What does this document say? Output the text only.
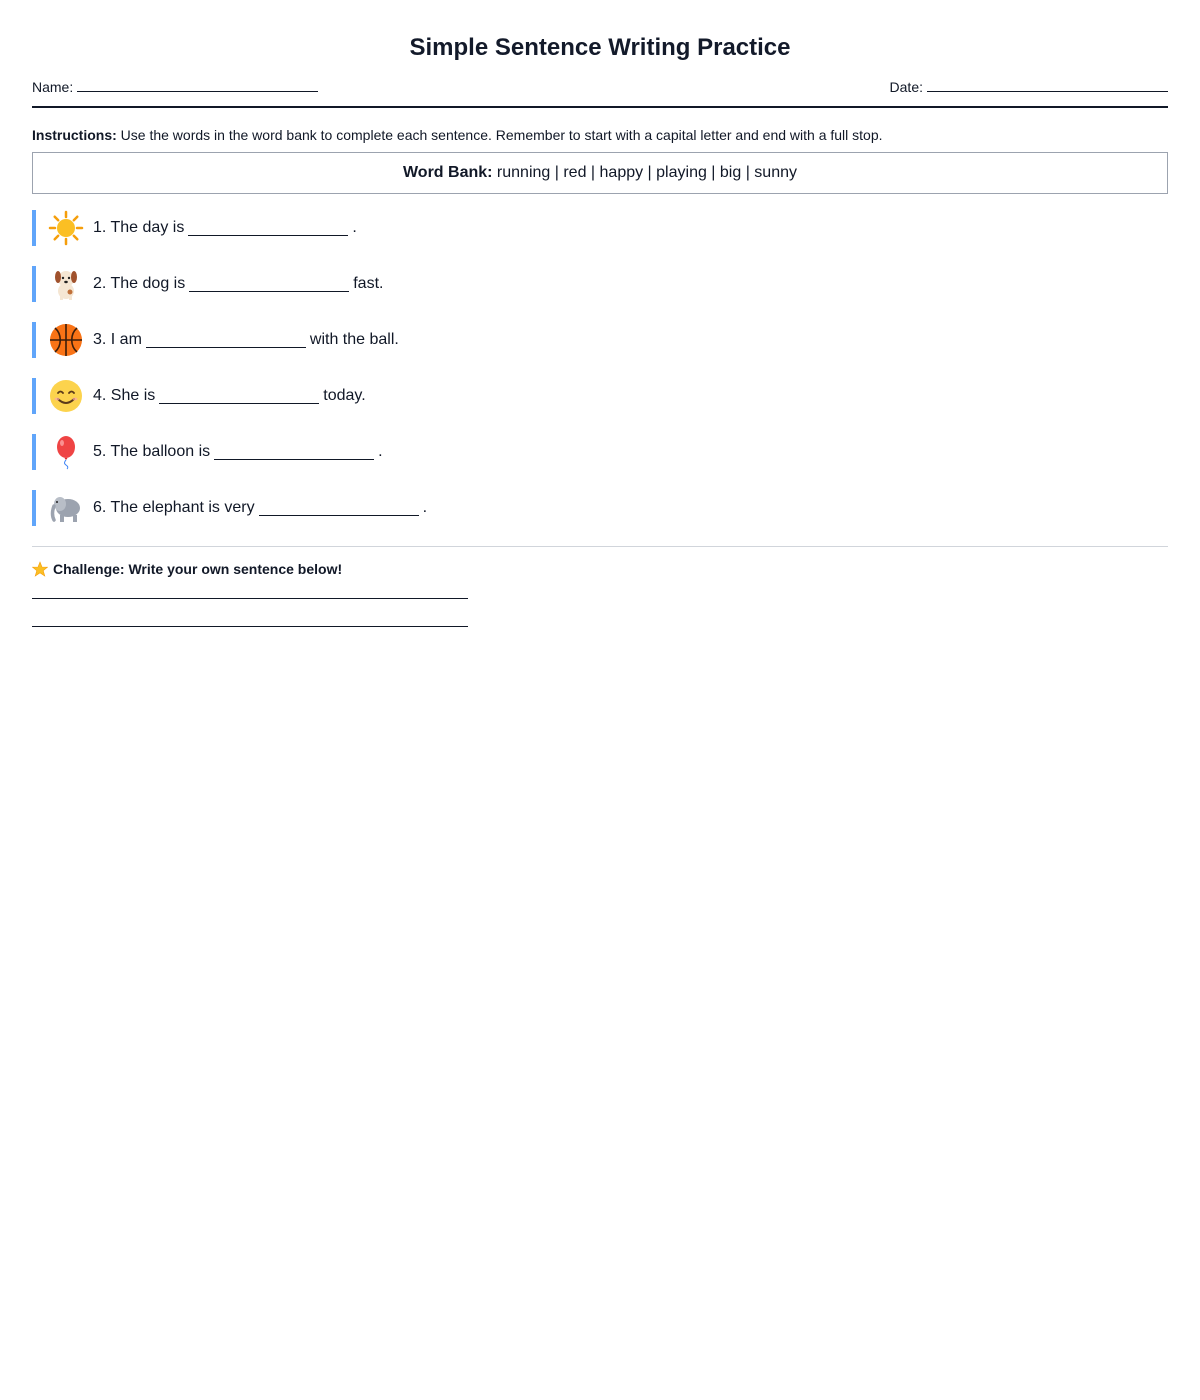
Simple Sentence Writing Practice
Name:	Date:
Instructions: Use the words in the word bank to complete each sentence. Remember to start with a capital letter and end with a full stop.
Word Bank: running | red | happy | playing | big | sunny
1. The day is	.
2. The dog is	fast.
3. I am	with the ball.
4. She is	today.
5. The balloon is	.
6. The elephant is very	.
Challenge: Write your own sentence below!
